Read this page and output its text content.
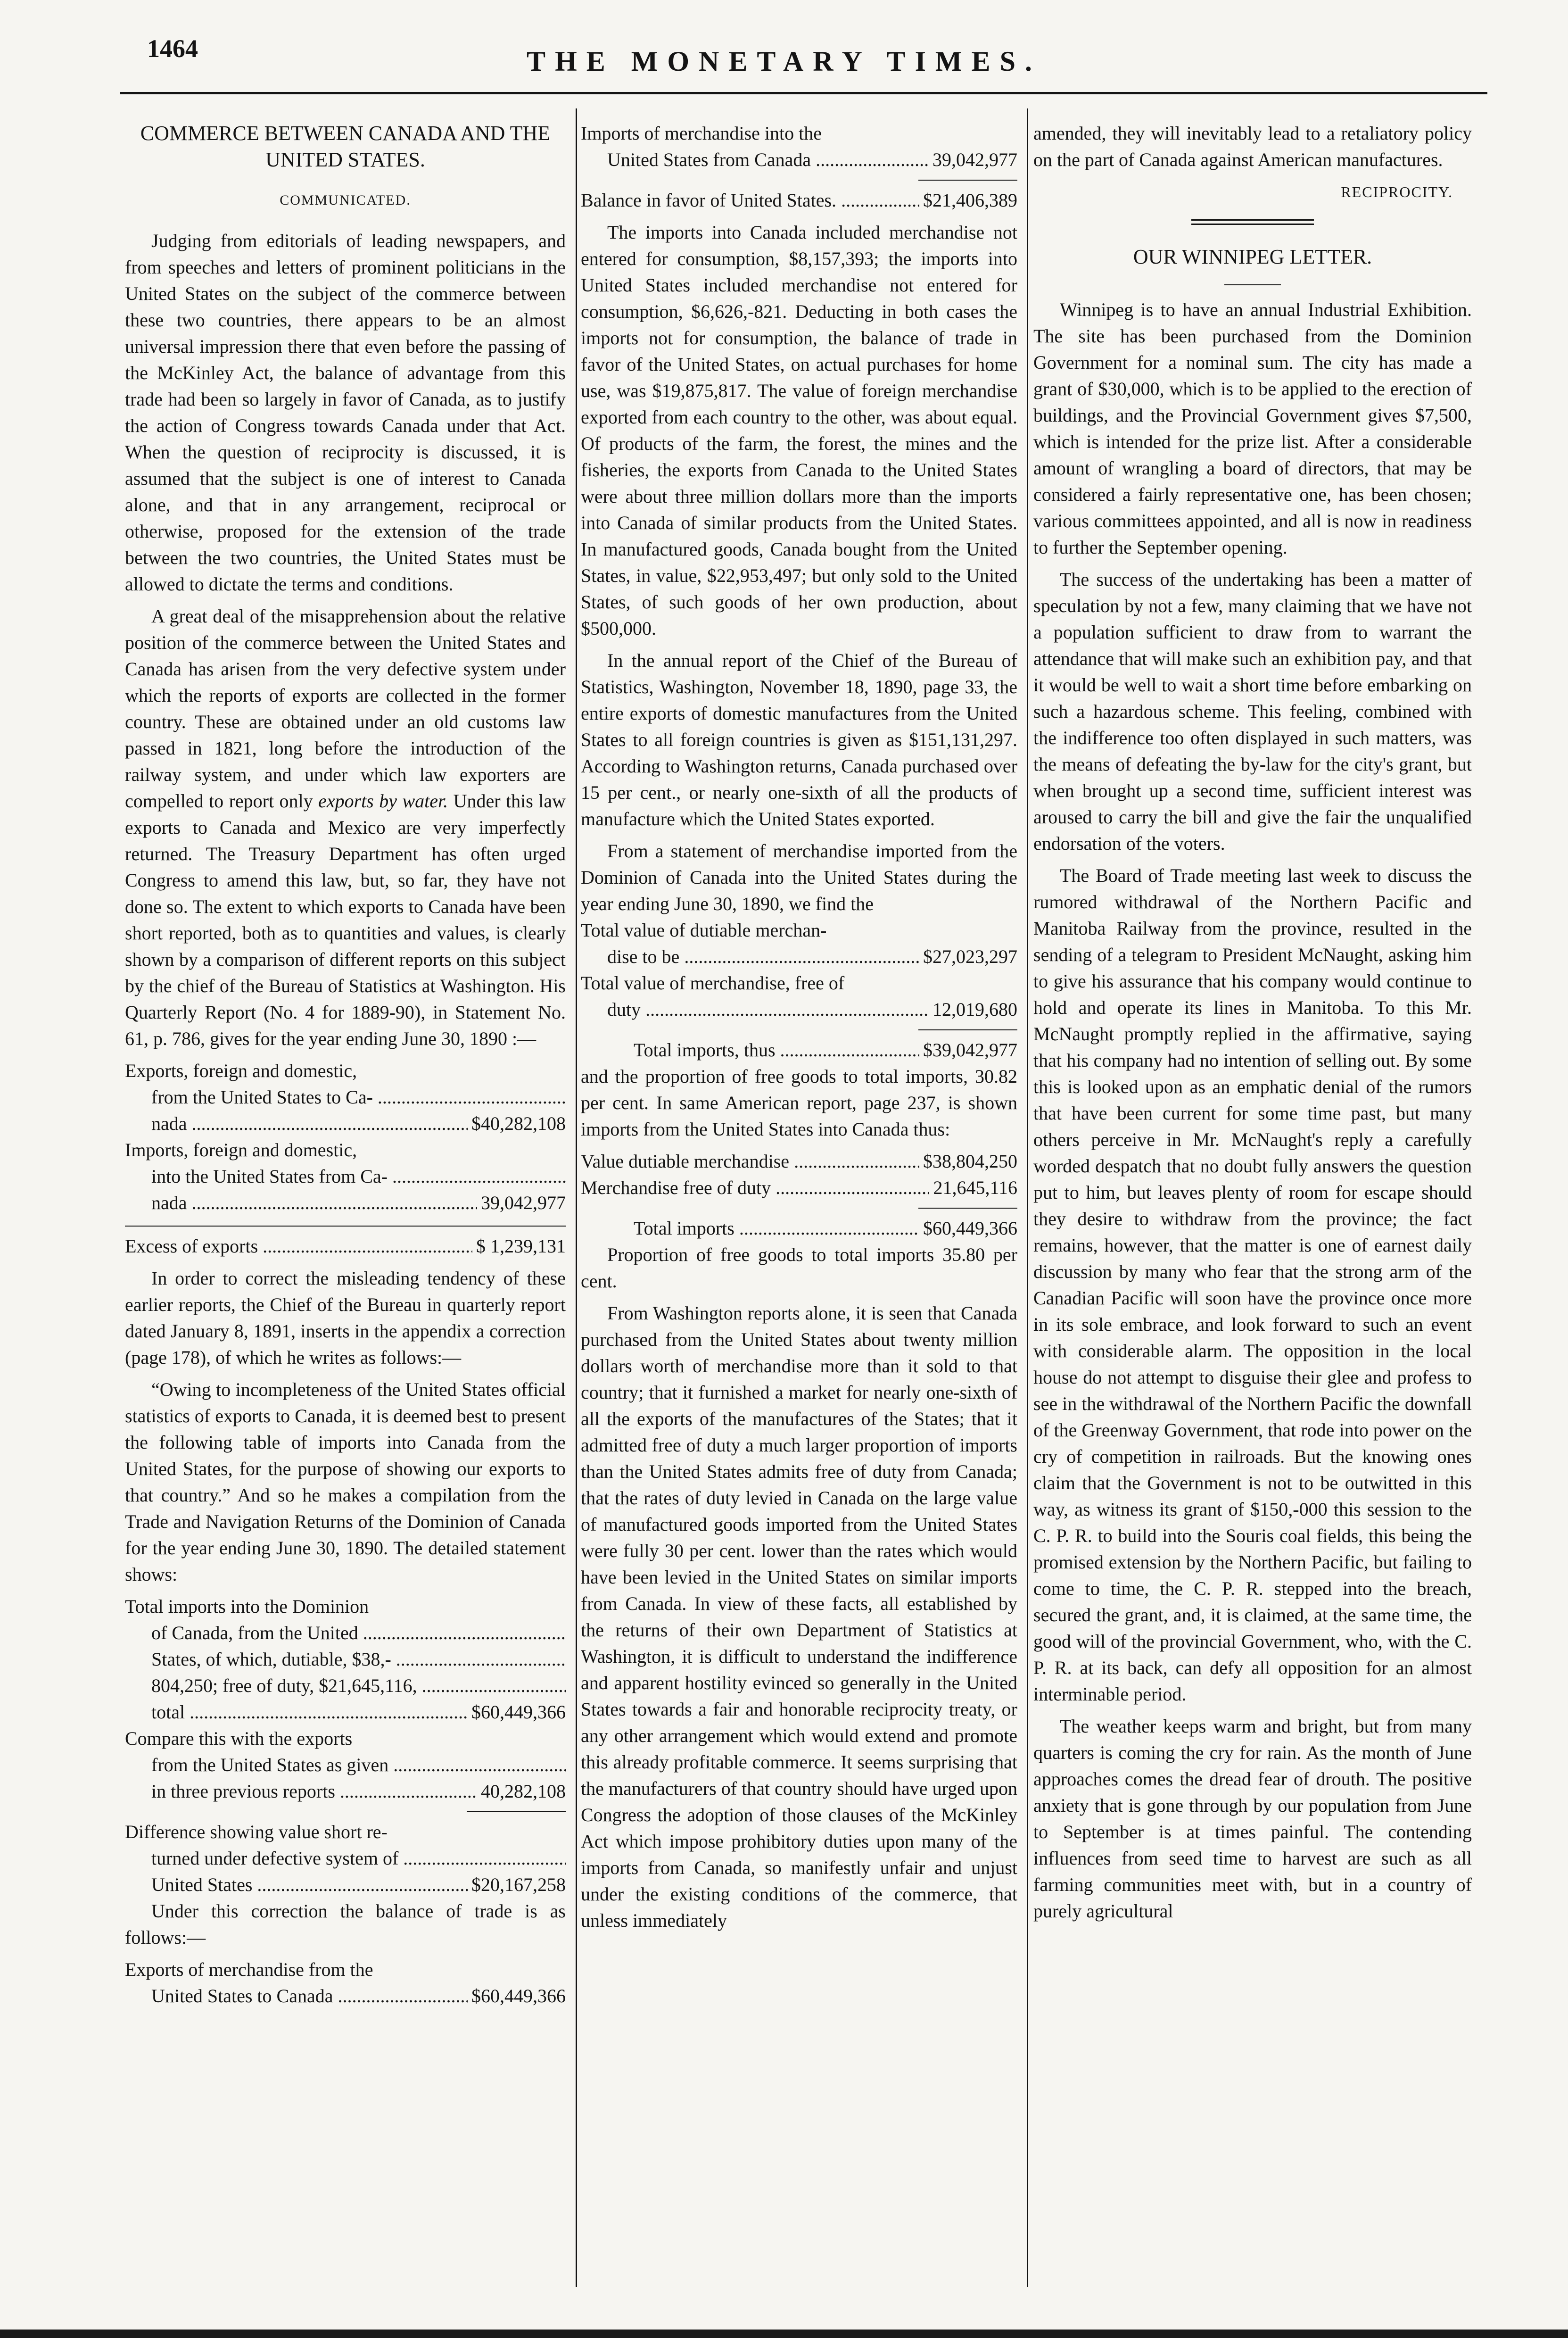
1464	THE MONETARY TIMES.

COMMERCE BETWEEN CANADA AND THE UNITED STATES.

COMMUNICATED.

Judging from editorials of leading newspapers, and from speeches and letters of prominent politicians in the United States on the subject of the commerce between these two countries, there appears to be an almost universal impression there that even before the passing of the McKinley Act, the balance of advantage from this trade had been so largely in favor of Canada, as to justify the action of Congress towards Canada under that Act. When the question of reciprocity is discussed, it is assumed that the subject is one of interest to Canada alone, and that in any arrangement, reciprocal or otherwise, proposed for the extension of the trade between the two countries, the United States must be allowed to dictate the terms and conditions.

A great deal of the misapprehension about the relative position of the commerce between the United States and Canada has arisen from the very defective system under which the reports of exports are collected in the former country. These are obtained under an old customs law passed in 1821, long before the introduction of the railway system, and under which law exporters are compelled to report only exports by water. Under this law exports to Canada and Mexico are very imperfectly returned. The Treasury Department has often urged Congress to amend this law, but, so far, they have not done so. The extent to which exports to Canada have been short reported, both as to quantities and values, is clearly shown by a comparison of different reports on this subject by the chief of the Bureau of Statistics at Washington. His Quarterly Report (No. 4 for 1889-90), in Statement No. 61, p. 786, gives for the year ending June 30, 1890 :—

Exports, foreign and domestic,
from the United States to Ca- .....
nada .....	$40,282,108
Imports, foreign and domestic,
into the United States from Ca- .....
nada .....	39,042,977
Excess of exports .....	$ 1,239,131

In order to correct the misleading tendency of these earlier reports, the Chief of the Bureau in quarterly report dated January 8, 1891, inserts in the appendix a correction (page 178), of which he writes as follows:—

“Owing to incompleteness of the United States official statistics of exports to Canada, it is deemed best to present the following table of imports into Canada from the United States, for the purpose of showing our exports to that country.” And so he makes a compilation from the Trade and Navigation Returns of the Dominion of Canada for the year ending June 30, 1890. The detailed statement shows:

Total imports into the Dominion
of Canada, from the United .....
States, of which, dutiable, $38,- .....
804,250; free of duty, $21,645,116, .....
total .....	$60,449,366
Compare this with the exports
from the United States as given .....
in three previous reports .....	40,282,108
Difference showing value short re-
turned under defective system of .....
United States .....	$20,167,258

Under this correction the balance of trade is as follows:—

Exports of merchandise from the
United States to Canada .....	$60,449,366
Imports of merchandise into the
United States from Canada .....	39,042,977
Balance in favor of United States. .....	$21,406,389

The imports into Canada included merchandise not entered for consumption, $8,157,393; the imports into United States included merchandise not entered for consumption, $6,626,-821. Deducting in both cases the imports not for consumption, the balance of trade in favor of the United States, on actual purchases for home use, was $19,875,817. The value of foreign merchandise exported from each country to the other, was about equal. Of products of the farm, the forest, the mines and the fisheries, the exports from Canada to the United States were about three million dollars more than the imports into Canada of similar products from the United States. In manufactured goods, Canada bought from the United States, in value, $22,953,497; but only sold to the United States, of such goods of her own production, about $500,000.

In the annual report of the Chief of the Bureau of Statistics, Washington, November 18, 1890, page 33, the entire exports of domestic manufactures from the United States to all foreign countries is given as $151,131,297. According to Washington returns, Canada purchased over 15 per cent., or nearly one-sixth of all the products of manufacture which the United States exported.

From a statement of merchandise imported from the Dominion of Canada into the United States during the year ending June 30, 1890, we find the

Total value of dutiable merchan-
dise to be .....	$27,023,297
Total value of merchandise, free of
duty .....	12,019,680
Total imports, thus .....	$39,042,977

and the proportion of free goods to total imports, 30.82 per cent. In same American report, page 237, is shown imports from the United States into Canada thus:

Value dutiable merchandise .....	$38,804,250
Merchandise free of duty .....	21,645,116
Total imports .....	$60,449,366

Proportion of free goods to total imports 35.80 per cent.

From Washington reports alone, it is seen that Canada purchased from the United States about twenty million dollars worth of merchandise more than it sold to that country; that it furnished a market for nearly one-sixth of all the exports of the manufactures of the States; that it admitted free of duty a much larger proportion of imports than the United States admits free of duty from Canada; that the rates of duty levied in Canada on the large value of manufactured goods imported from the United States were fully 30 per cent. lower than the rates which would have been levied in the United States on similar imports from Canada. In view of these facts, all established by the returns of their own Department of Statistics at Washington, it is difficult to understand the indifference and apparent hostility evinced so generally in the United States towards a fair and honorable reciprocity treaty, or any other arrangement which would extend and promote this already profitable commerce. It seems surprising that the manufacturers of that country should have urged upon Congress the adoption of those clauses of the McKinley Act which impose prohibitory duties upon many of the imports from Canada, so manifestly unfair and unjust under the existing conditions of the commerce, that unless immediately

amended, they will inevitably lead to a retaliatory policy on the part of Canada against American manufactures.

RECIPROCITY.

OUR WINNIPEG LETTER.

Winnipeg is to have an annual Industrial Exhibition. The site has been purchased from the Dominion Government for a nominal sum. The city has made a grant of $30,000, which is to be applied to the erection of buildings, and the Provincial Government gives $7,500, which is intended for the prize list. After a considerable amount of wrangling a board of directors, that may be considered a fairly representative one, has been chosen; various committees appointed, and all is now in readiness to further the September opening.

The success of the undertaking has been a matter of speculation by not a few, many claiming that we have not a population sufficient to draw from to warrant the attendance that will make such an exhibition pay, and that it would be well to wait a short time before embarking on such a hazardous scheme. This feeling, combined with the indifference too often displayed in such matters, was the means of defeating the by-law for the city's grant, but when brought up a second time, sufficient interest was aroused to carry the bill and give the fair the unqualified endorsation of the voters.

The Board of Trade meeting last week to discuss the rumored withdrawal of the Northern Pacific and Manitoba Railway from the province, resulted in the sending of a telegram to President McNaught, asking him to give his assurance that his company would continue to hold and operate its lines in Manitoba. To this Mr. McNaught promptly replied in the affirmative, saying that his company had no intention of selling out. By some this is looked upon as an emphatic denial of the rumors that have been current for some time past, but many others perceive in Mr. McNaught's reply a carefully worded despatch that no doubt fully answers the question put to him, but leaves plenty of room for escape should they desire to withdraw from the province; the fact remains, however, that the matter is one of earnest daily discussion by many who fear that the strong arm of the Canadian Pacific will soon have the province once more in its sole embrace, and look forward to such an event with considerable alarm. The opposition in the local house do not attempt to disguise their glee and profess to see in the withdrawal of the Northern Pacific the downfall of the Greenway Government, that rode into power on the cry of competition in railroads. But the knowing ones claim that the Government is not to be outwitted in this way, as witness its grant of $150,-000 this session to the C. P. R. to build into the Souris coal fields, this being the promised extension by the Northern Pacific, but failing to come to time, the C. P. R. stepped into the breach, secured the grant, and, it is claimed, at the same time, the good will of the provincial Government, who, with the C. P. R. at its back, can defy all opposition for an almost interminable period.

The weather keeps warm and bright, but from many quarters is coming the cry for rain. As the month of June approaches comes the dread fear of drouth. The positive anxiety that is gone through by our population from June to September is at times painful. The contending influences from seed time to harvest are such as all farming communities meet with, but in a country of purely agricultural
